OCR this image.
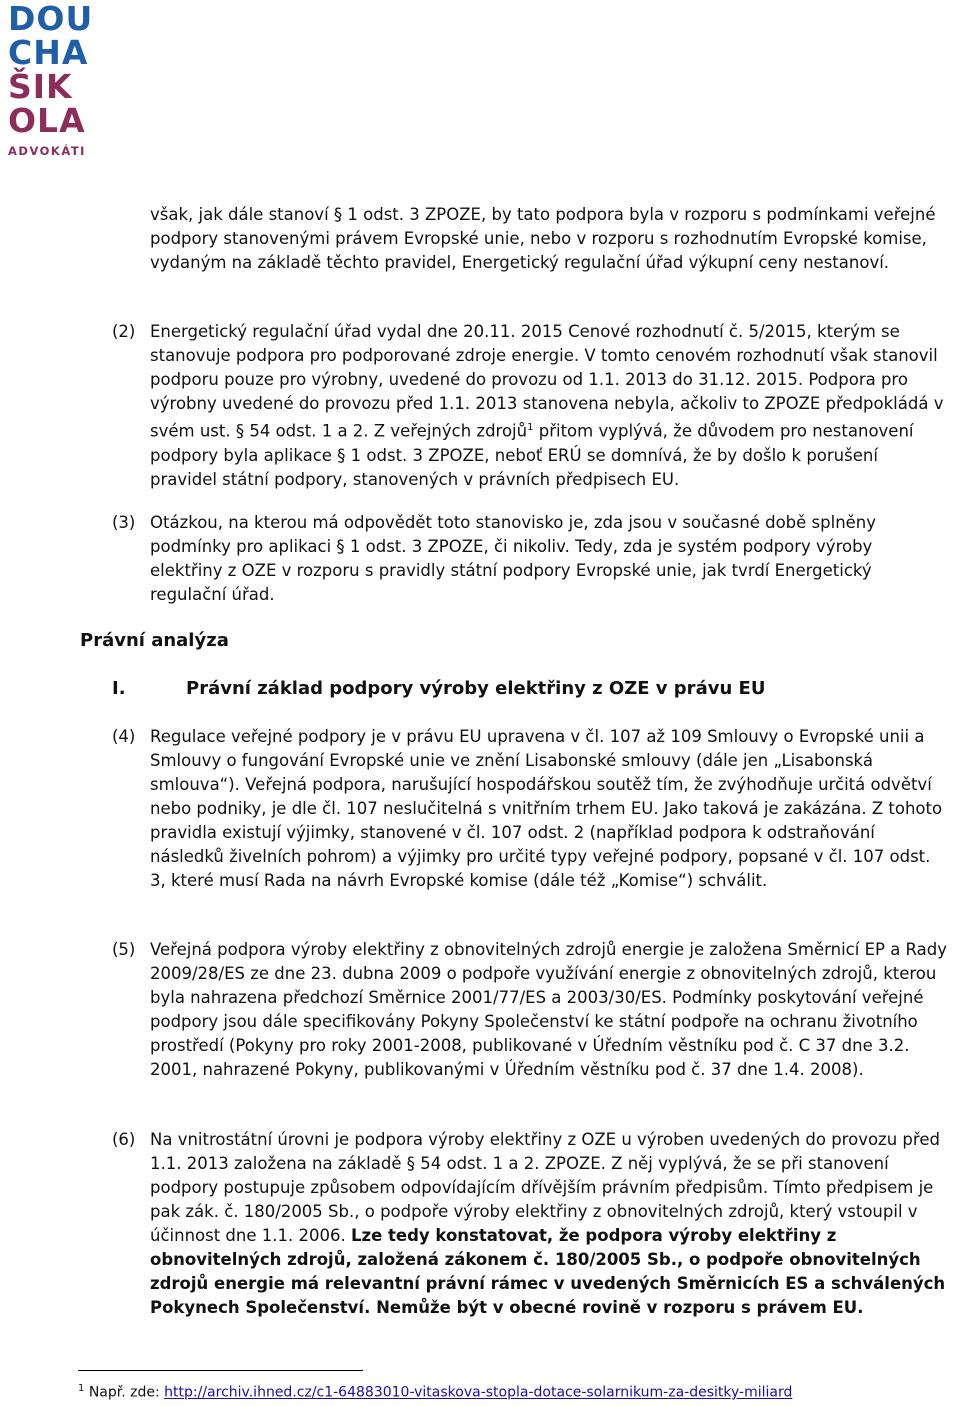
DOU
CHA
ŠIK
OLA
ADVOKÁTI
však, jak dále stanoví § 1 odst. 3 ZPOZE, by tato podpora byla v rozporu s podmínkami veřejné podpory stanovenými právem Evropské unie, nebo v rozporu s rozhodnutím Evropské komise, vydaným na základě těchto pravidel, Energetický regulační úřad výkupní ceny nestanoví.
(2) Energetický regulační úřad vydal dne 20.11. 2015 Cenové rozhodnutí č. 5/2015, kterým se stanovuje podpora pro podporované zdroje energie. V tomto cenovém rozhodnutí však stanovil podporu pouze pro výrobny, uvedené do provozu od 1.1. 2013 do 31.12. 2015. Podpora pro výrobny uvedené do provozu před 1.1. 2013 stanovena nebyla, ačkoliv to ZPOZE předpokládá v svém ust. § 54 odst. 1 a 2. Z veřejných zdrojů$^1$ přitom vyplývá, že důvodem pro nestanovení podpory byla aplikace § 1 odst. 3 ZPOZE, neboť ERÚ se domnívá, že by došlo k porušení pravidel státní podpory, stanovených v právních předpisech EU.
(3) Otázkou, na kterou má odpovědět toto stanovisko je, zda jsou v současné době splněny podmínky pro aplikaci § 1 odst. 3 ZPOZE, či nikoliv. Tedy, zda je systém podpory výroby elektřiny z OZE v rozporu s pravidly státní podpory Evropské unie, jak tvrdí Energetický regulační úřad.
Právní analýza
I.	Právní základ podpory výroby elektřiny z OZE v právu EU
(4) Regulace veřejné podpory je v právu EU upravena v čl. 107 až 109 Smlouvy o Evropské unii a Smlouvy o fungování Evropské unie ve znění Lisabonské smlouvy (dále jen „Lisabonská smlouva“). Veřejná podpora, narušující hospodářskou soutěž tím, že zvýhodňuje určitá odvětví nebo podniky, je dle čl. 107 neslučitelná s vnitřním trhem EU. Jako taková je zakázána. Z tohoto pravidla existují výjimky, stanovené v čl. 107 odst. 2 (například podpora k odstraňování následků živelních pohrom) a výjimky pro určité typy veřejné podpory, popsané v čl. 107 odst. 3, které musí Rada na návrh Evropské komise (dále též „Komise“) schválit.
(5) Veřejná podpora výroby elektřiny z obnovitelných zdrojů energie je založena Směrnicí EP a Rady 2009/28/ES ze dne 23. dubna 2009 o podpoře využívání energie z obnovitelných zdrojů, kterou byla nahrazena předchozí Směrnice 2001/77/ES a 2003/30/ES. Podmínky poskytování veřejné podpory jsou dále specifikovány Pokyny Společenství ke státní podpoře na ochranu životního prostředí (Pokyny pro roky 2001-2008, publikované v Úředním věstníku pod č. C 37 dne 3.2. 2001, nahrazené Pokyny, publikovanými v Úředním věstníku pod č. 37 dne 1.4. 2008).
(6) Na vnitrostátní úrovni je podpora výroby elektřiny z OZE u výroben uvedených do provozu před 1.1. 2013 založena na základě § 54 odst. 1 a 2. ZPOZE. Z něj vyplývá, že se při stanovení podpory postupuje způsobem odpovídajícím dřívějším právním předpisům. Tímto předpisem je pak zák. č. 180/2005 Sb., o podpoře výroby elektřiny z obnovitelných zdrojů, který vstoupil v účinnost dne 1.1. 2006. Lze tedy konstatovat, že podpora výroby elektřiny z obnovitelných zdrojů, založená zákonem č. 180/2005 Sb., o podpoře obnovitelných zdrojů energie má relevantní právní rámec v uvedených Směrnicích ES a schválených Pokynech Společenství. Nemůže být v obecné rovině v rozporu s právem EU.
$^1$ Např. zde: http://archiv.ihned.cz/c1-64883010-vitaskova-stopla-dotace-solarnikum-za-desitky-miliard
